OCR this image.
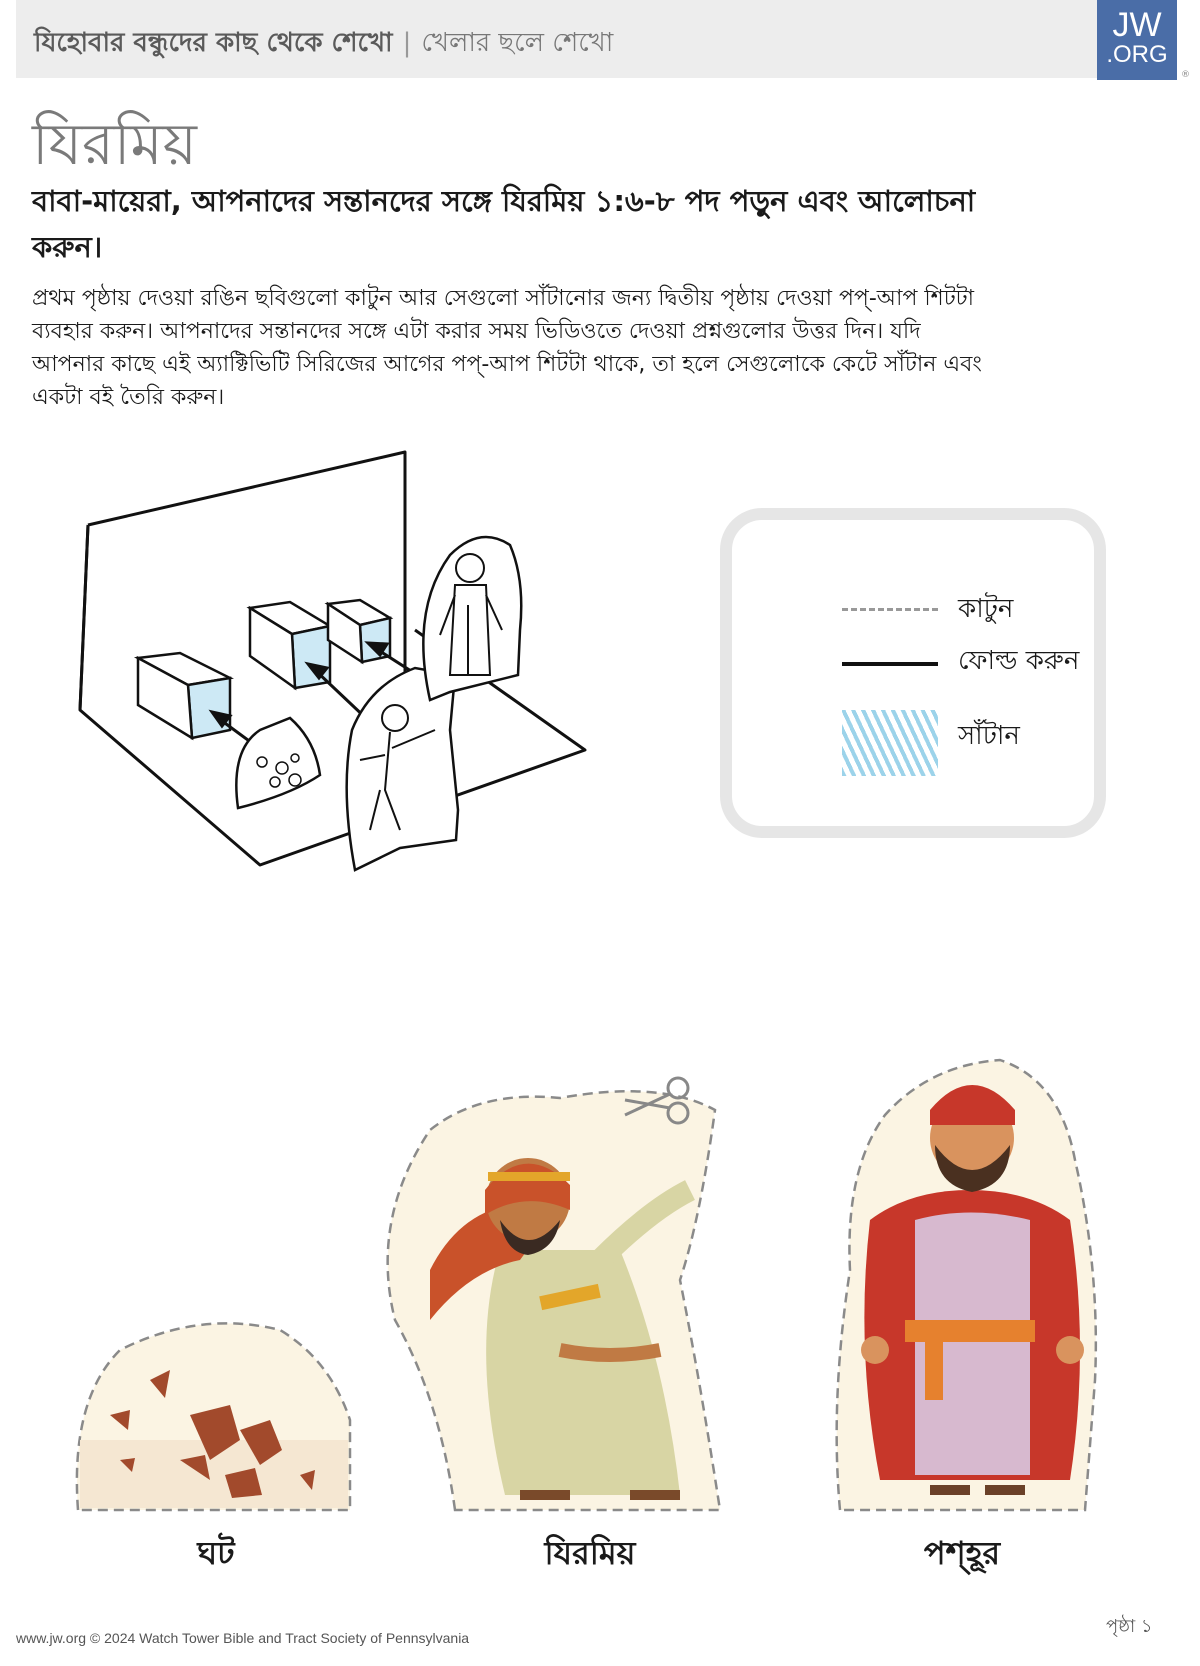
যিহোবার বন্ধুদের কাছ থেকে শেখো | খেলার ছলে শেখো	JW
.ORG
®
যিরমিয়

বাবা-মায়েরা, আপনাদের সন্তানদের সঙ্গে যিরমিয় ১:৬-৮ পদ পড়ুন এবং আলোচনা করুন।

প্রথম পৃষ্ঠায় দেওয়া রঙিন ছবিগুলো কাটুন আর সেগুলো সাঁটানোর জন্য দ্বিতীয় পৃষ্ঠায় দেওয়া পপ্‌-আপ শিটটা ব্যবহার করুন। আপনাদের সন্তানদের সঙ্গে এটা করার সময় ভিডিওতে দেওয়া প্রশ্নগুলোর উত্তর দিন। যদি আপনার কাছে এই অ্যাক্টিভিটি সিরিজের আগের পপ্‌-আপ শিটটা থাকে, তা হলে সেগুলোকে কেটে সাঁটান এবং একটা বই তৈরি করুন।

কাটুন
ফোল্ড করুন
সাঁটান
ঘট	যিরমিয়	পশ্‌হূর
www.jw.org © 2024 Watch Tower Bible and Tract Society of Pennsylvania
পৃষ্ঠা ১
